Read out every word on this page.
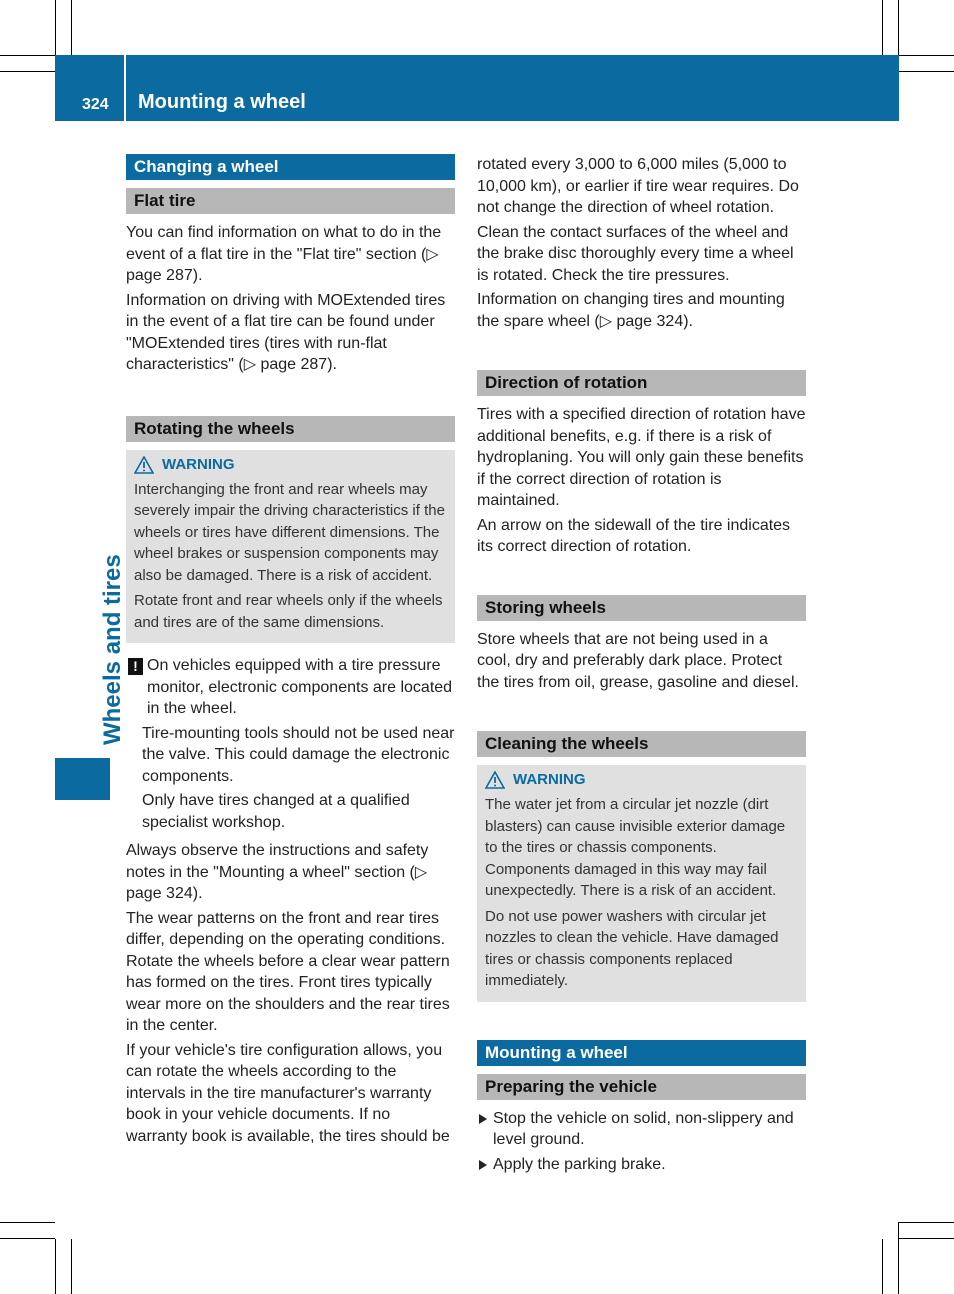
324 Mounting a wheel
Wheels and tires
Changing a wheel
Flat tire

You can find information on what to do in the event of a flat tire in the "Flat tire" section (▷ page 287).

Information on driving with MOExtended tires in the event of a flat tire can be found under "MOExtended tires (tires with run-flat characteristics" (▷ page 287).

Rotating the wheels
WARNING

Interchanging the front and rear wheels may severely impair the driving characteristics if the wheels or tires have different dimensions. The wheel brakes or suspension components may also be damaged. There is a risk of accident.

Rotate front and rear wheels only if the wheels and tires are of the same dimensions.

! On vehicles equipped with a tire pressure monitor, electronic components are located in the wheel.

Tire-mounting tools should not be used near the valve. This could damage the electronic components.

Only have tires changed at a qualified specialist workshop.

Always observe the instructions and safety notes in the "Mounting a wheel" section (▷ page 324).

The wear patterns on the front and rear tires differ, depending on the operating conditions. Rotate the wheels before a clear wear pattern has formed on the tires. Front tires typically wear more on the shoulders and the rear tires in the center.

If your vehicle's tire configuration allows, you can rotate the wheels according to the intervals in the tire manufacturer's warranty book in your vehicle documents. If no warranty book is available, the tires should be

rotated every 3,000 to 6,000 miles (5,000 to 10,000 km), or earlier if tire wear requires. Do not change the direction of wheel rotation.

Clean the contact surfaces of the wheel and the brake disc thoroughly every time a wheel is rotated. Check the tire pressures.

Information on changing tires and mounting the spare wheel (▷ page 324).

Direction of rotation

Tires with a specified direction of rotation have additional benefits, e.g. if there is a risk of hydroplaning. You will only gain these benefits if the correct direction of rotation is maintained.

An arrow on the sidewall of the tire indicates its correct direction of rotation.

Storing wheels

Store wheels that are not being used in a cool, dry and preferably dark place. Protect the tires from oil, grease, gasoline and diesel.

Cleaning the wheels
WARNING

The water jet from a circular jet nozzle (dirt blasters) can cause invisible exterior damage to the tires or chassis components. Components damaged in this way may fail unexpectedly. There is a risk of an accident.

Do not use power washers with circular jet nozzles to clean the vehicle. Have damaged tires or chassis components replaced immediately.

Mounting a wheel
Preparing the vehicle

Stop the vehicle on solid, non-slippery and level ground.

Apply the parking brake.
